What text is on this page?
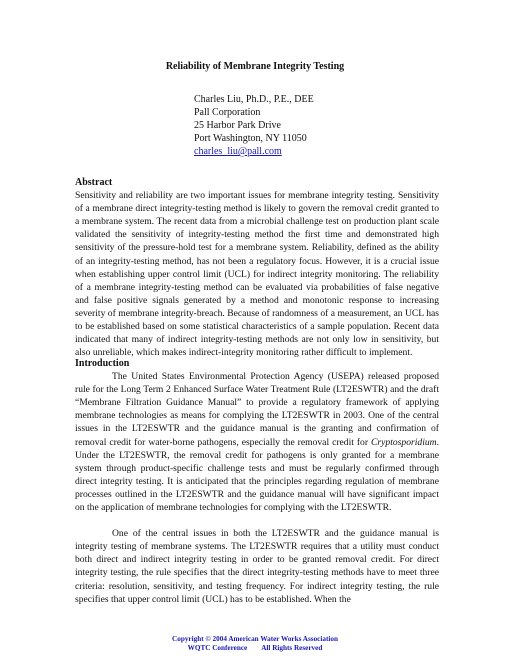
Reliability of Membrane Integrity Testing
Charles Liu, Ph.D., P.E., DEE
Pall Corporation
25 Harbor Park Drive
Port Washington, NY 11050
charles_liu@pall.com
Abstract

Sensitivity and reliability are two important issues for membrane integrity testing. Sensitivity of a membrane direct integrity-testing method is likely to govern the removal credit granted to a membrane system. The recent data from a microbial challenge test on production plant scale validated the sensitivity of integrity-testing method the first time and demonstrated high sensitivity of the pressure-hold test for a membrane system. Reliability, defined as the ability of an integrity-testing method, has not been a regulatory focus. However, it is a crucial issue when establishing upper control limit (UCL) for indirect integrity monitoring. The reliability of a membrane integrity-testing method can be evaluated via probabilities of false negative and false positive signals generated by a method and monotonic response to increasing severity of membrane integrity-breach. Because of randomness of a measurement, an UCL has to be established based on some statistical characteristics of a sample population. Recent data indicated that many of indirect integrity-testing methods are not only low in sensitivity, but also unreliable, which makes indirect-integrity monitoring rather difficult to implement.

Introduction

The United States Environmental Protection Agency (USEPA) released proposed rule for the Long Term 2 Enhanced Surface Water Treatment Rule (LT2ESWTR) and the draft “Membrane Filtration Guidance Manual” to provide a regulatory framework of applying membrane technologies as means for complying the LT2ESWTR in 2003. One of the central issues in the LT2ESWTR and the guidance manual is the granting and confirmation of removal credit for water-borne pathogens, especially the removal credit for Cryptosporidium. Under the LT2ESWTR, the removal credit for pathogens is only granted for a membrane system through product-specific challenge tests and must be regularly confirmed through direct integrity testing. It is anticipated that the principles regarding regulation of membrane processes outlined in the LT2ESWTR and the guidance manual will have significant impact on the application of membrane technologies for complying with the LT2ESWTR.

One of the central issues in both the LT2ESWTR and the guidance manual is integrity testing of membrane systems. The LT2ESWTR requires that a utility must conduct both direct and indirect integrity testing in order to be granted removal credit. For direct integrity testing, the rule specifies that the direct integrity-testing methods have to meet three criteria: resolution, sensitivity, and testing frequency. For indirect integrity testing, the rule specifies that upper control limit (UCL) has to be established. When the

Copyright © 2004 American Water Works Association
WQTC Conference All Rights Reserved
